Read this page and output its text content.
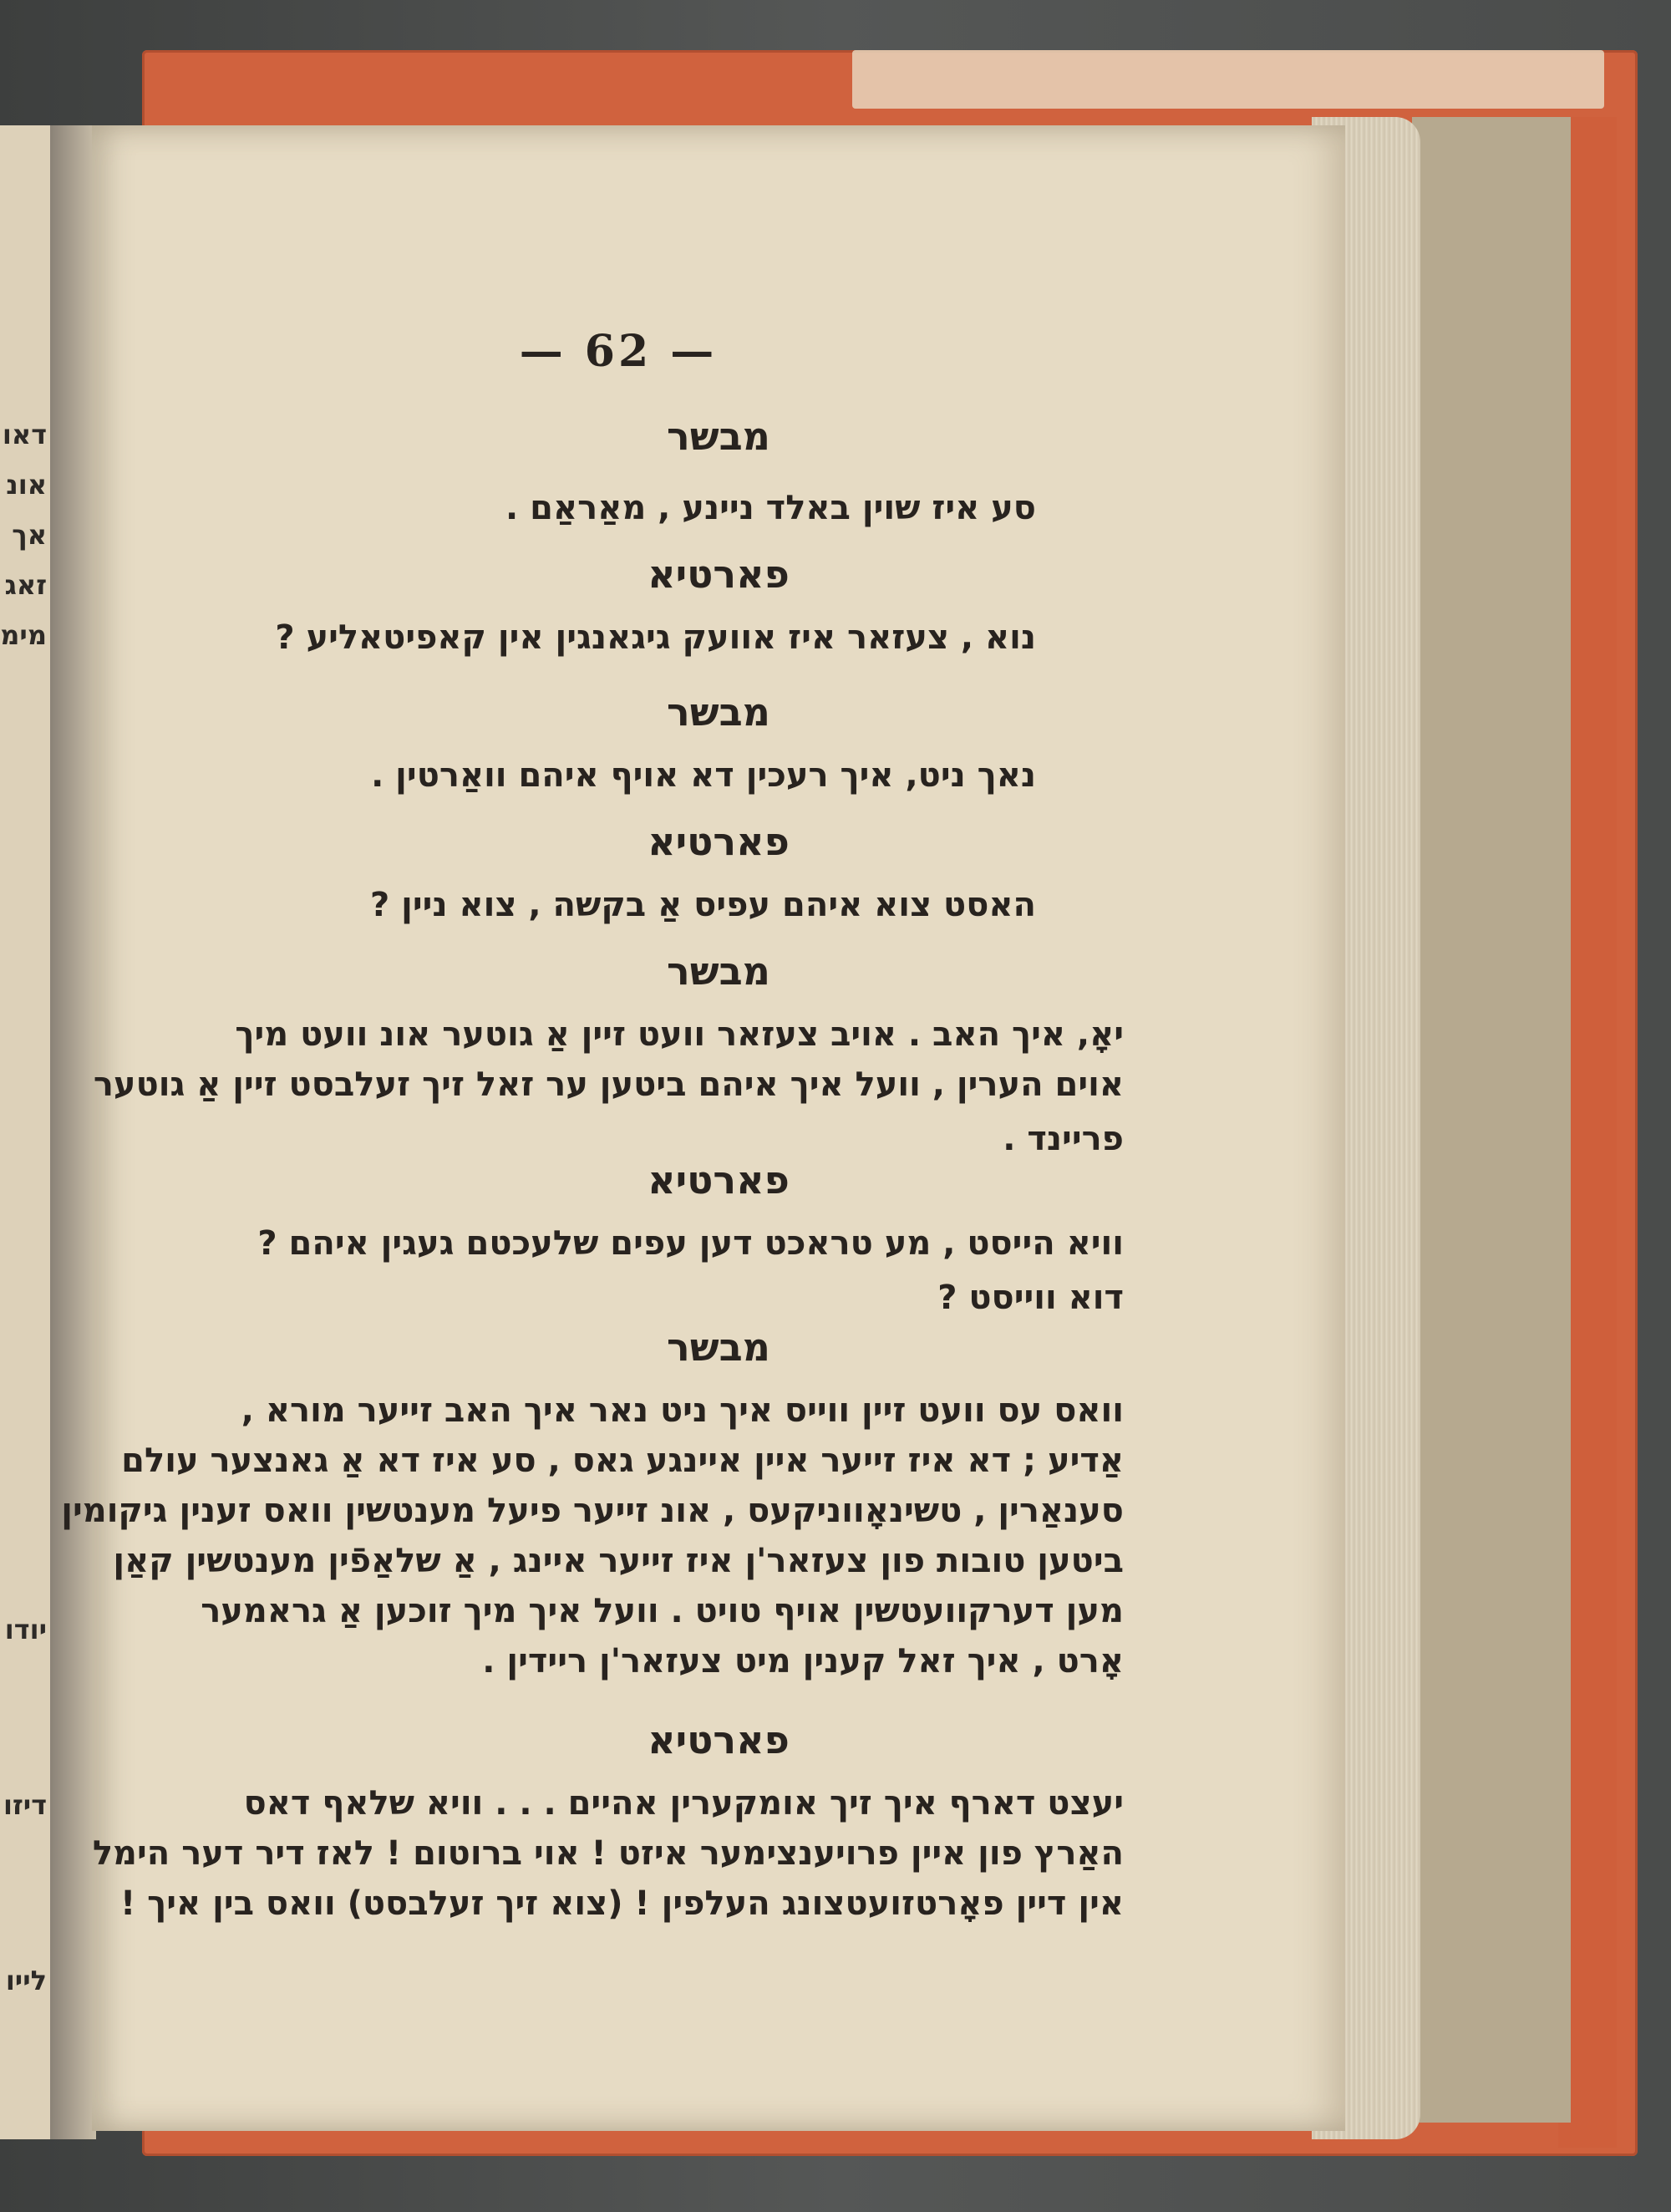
דאו
אונ
אך
זאג
מימ
יודו
דיזו
לייו
— 62 —
מבשר
סע איז שוין באלד ניינע , מאַראַם .
פארטיא
נוא , צעזאר איז אוועק גיגאנגין אין קאפיטאליע ?
מבשר
נאך ניט, איך רעכין דא אויף איהם וואַרטין .
פארטיא
האסט צוא איהם עפיס אַ בקשה , צוא ניין ?
מבשר
יאָ, איך האב . אויב צעזאר וועט זיין אַ גוטער אונ וועט מיך
אוים הערין , וועל איך איהם ביטען ער זאל זיך זעלבסט זיין אַ גוטער
פריינד .
פארטיא
וויא הייסט , מע טראכט דען עפים שלעכטם געגין איהם ?
דוא ווייסט ?
מבשר
וואס עס וועט זיין ווייס איך ניט נאר איך האב זייער מורא ,
אַדיע ; דא איז זייער איין איינגע גאס , סע איז דא אַ גאנצער עולם
סענאַרין , טשינאָווניקעס , אונ זייער פיעל מענטשין וואס זענין גיקומין
ביטען טובות פון צעזאר'ן איז זייער איינג , אַ שלאַפֿין מענטשין קאַן
מען דערקוועטשין אויף טויט . וועל איך מיך זוכען אַ גראמער
אָרט , איך זאל קענין מיט צעזאר'ן ריידין .
פארטיא
יעצט דארף איך זיך אומקערין אהיים . . . וויא שלאף דאס
האַרץ פון איין פרויענצימער איזט ! אוי ברוטום ! לאז דיר דער הימל
אין דיין פאָרטזועטצונג העלפין ! (צוא זיך זעלבסט) וואס בין איך !
